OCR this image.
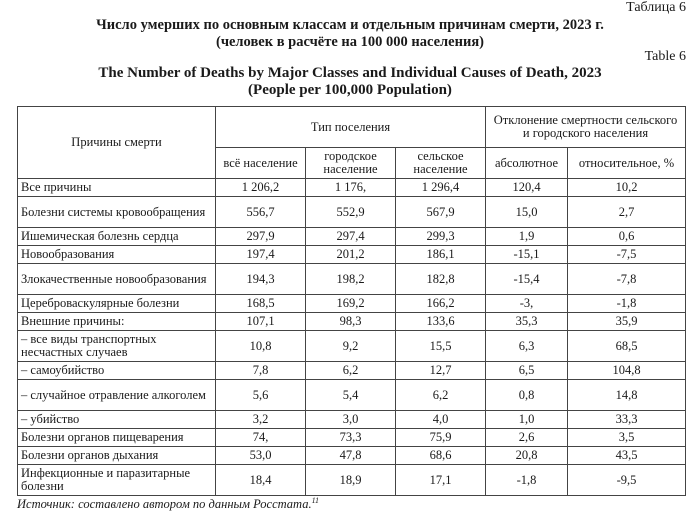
Таблица 6
Число умерших по основным классам и отдельным причинам смерти, 2023 г.
(человек в расчёте на 100 000 населения)
Table 6
The Number of Deaths by Major Classes and Individual Causes of Death, 2023
(People per 100,000 Population)
Причины смерти	Тип поселения			Отклонение смертности сельского и городского населения	
	всё население	городское население	сельское население	абсолютное	относительное, %
Все причины	1 206,2	1 176,	1 296,4	120,4	10,2
Болезни системы кровообращения	556,7	552,9	567,9	15,0	2,7
Ишемическая болезнь сердца	297,9	297,4	299,3	1,9	0,6
Новообразования	197,4	201,2	186,1	-15,1	-7,5
Злокачественные новообразования	194,3	198,2	182,8	-15,4	-7,8
Цереброваскулярные болезни	168,5	169,2	166,2	-3,	-1,8
Внешние причины:	107,1	98,3	133,6	35,3	35,9
– все виды транспортных несчастных случаев	10,8	9,2	15,5	6,3	68,5
– самоубийство	7,8	6,2	12,7	6,5	104,8
– случайное отравление алкоголем	5,6	5,4	6,2	0,8	14,8
– убийство	3,2	3,0	4,0	1,0	33,3
Болезни органов пищеварения	74,	73,3	75,9	2,6	3,5
Болезни органов дыхания	53,0	47,8	68,6	20,8	43,5
Инфекционные и паразитарные болезни	18,4	18,9	17,1	-1,8	-9,5
Источник: составлено автором по данным Росстата.$^{11}$
